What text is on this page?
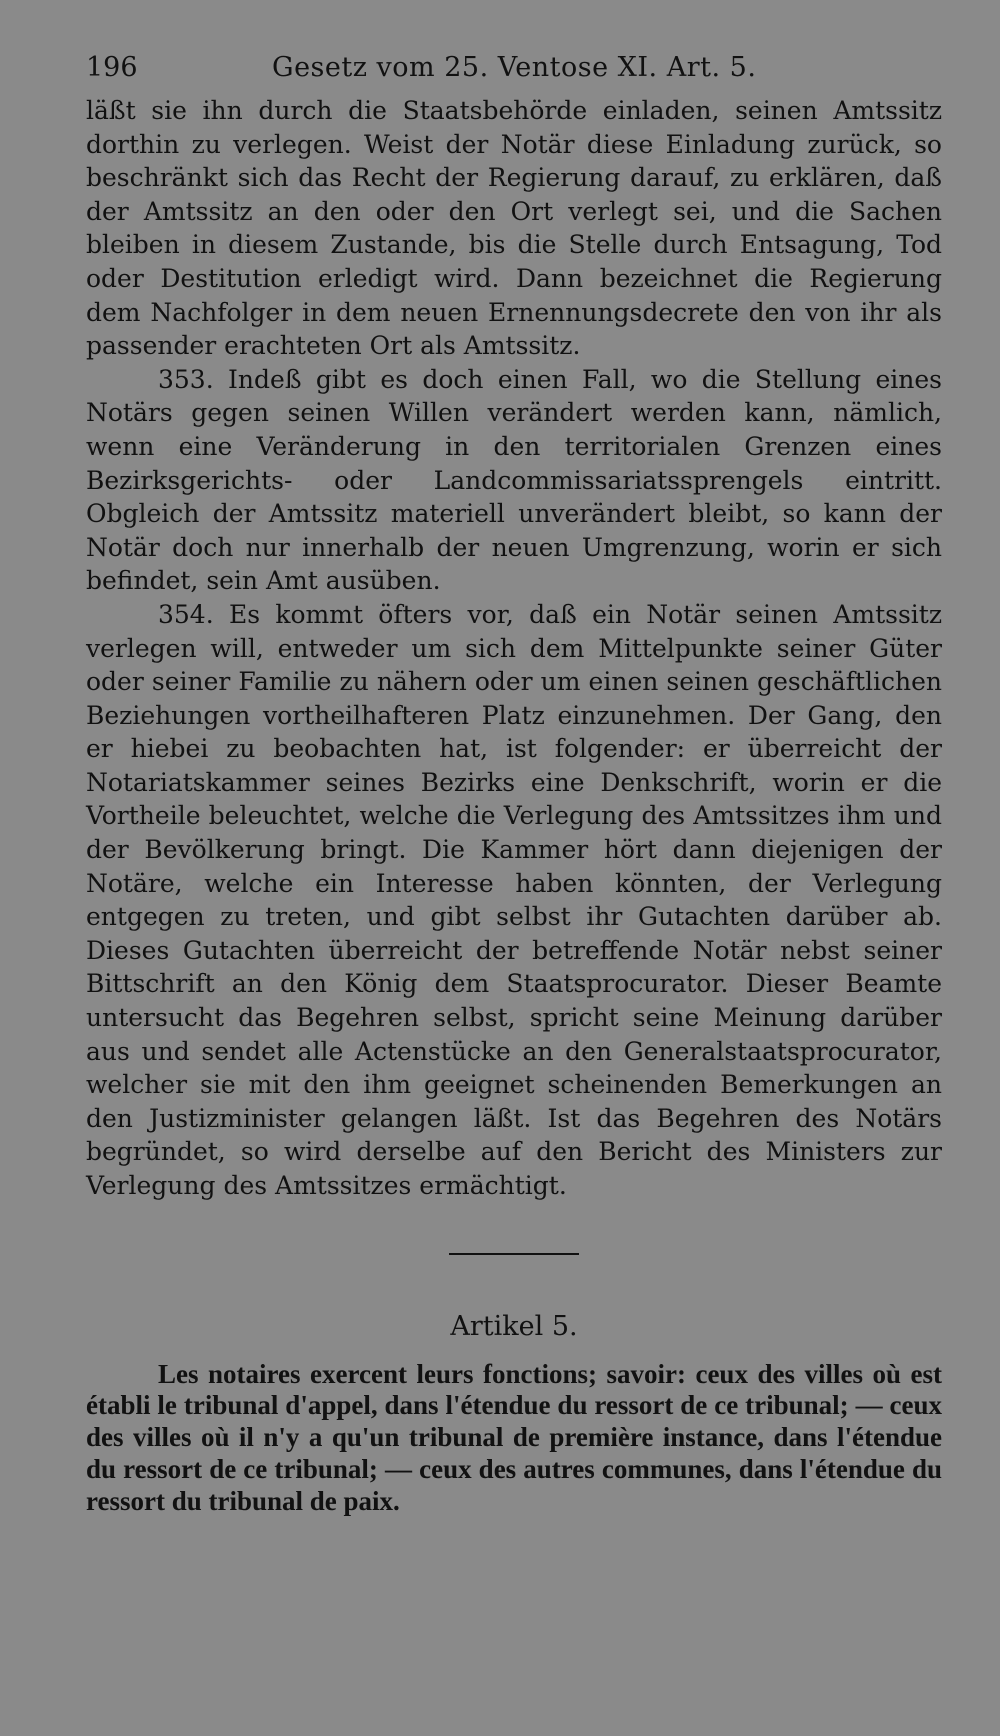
196	Gesetz vom 25. Ventose XI. Art. 5.

läßt sie ihn durch die Staatsbehörde einladen, seinen Amtssitz dorthin zu verlegen. Weist der Notär diese Einladung zurück, so beschränkt sich das Recht der Regierung darauf, zu erklären, daß der Amtssitz an den oder den Ort verlegt sei, und die Sachen bleiben in diesem Zustande, bis die Stelle durch Entsagung, Tod oder Destitution erledigt wird. Dann bezeichnet die Regierung dem Nachfolger in dem neuen Ernennungsdecrete den von ihr als passender erachteten Ort als Amtssitz.

353. Indeß gibt es doch einen Fall, wo die Stellung eines Notärs gegen seinen Willen verändert werden kann, nämlich, wenn eine Veränderung in den territorialen Grenzen eines Bezirksgerichts- oder Landcommissariatssprengels eintritt. Obgleich der Amtssitz materiell unverändert bleibt, so kann der Notär doch nur innerhalb der neuen Umgrenzung, worin er sich befindet, sein Amt ausüben.

354. Es kommt öfters vor, daß ein Notär seinen Amtssitz verlegen will, entweder um sich dem Mittelpunkte seiner Güter oder seiner Familie zu nähern oder um einen seinen geschäftlichen Beziehungen vortheilhafteren Platz einzunehmen. Der Gang, den er hiebei zu beobachten hat, ist folgender: er überreicht der Notariatskammer seines Bezirks eine Denkschrift, worin er die Vortheile beleuchtet, welche die Verlegung des Amtssitzes ihm und der Bevölkerung bringt. Die Kammer hört dann diejenigen der Notäre, welche ein Interesse haben könnten, der Verlegung entgegen zu treten, und gibt selbst ihr Gutachten darüber ab. Dieses Gutachten überreicht der betreffende Notär nebst seiner Bittschrift an den König dem Staatsprocurator. Dieser Beamte untersucht das Begehren selbst, spricht seine Meinung darüber aus und sendet alle Actenstücke an den Generalstaatsprocurator, welcher sie mit den ihm geeignet scheinenden Bemerkungen an den Justizminister gelangen läßt. Ist das Begehren des Notärs begründet, so wird derselbe auf den Bericht des Ministers zur Verlegung des Amtssitzes ermächtigt.

Artikel 5.

Les notaires exercent leurs fonctions; savoir: ceux des villes où est établi le tribunal d'appel, dans l'étendue du ressort de ce tribunal; — ceux des villes où il n'y a qu'un tribunal de première instance, dans l'étendue du ressort de ce tribunal; — ceux des autres communes, dans l'étendue du ressort du tribunal de paix.
